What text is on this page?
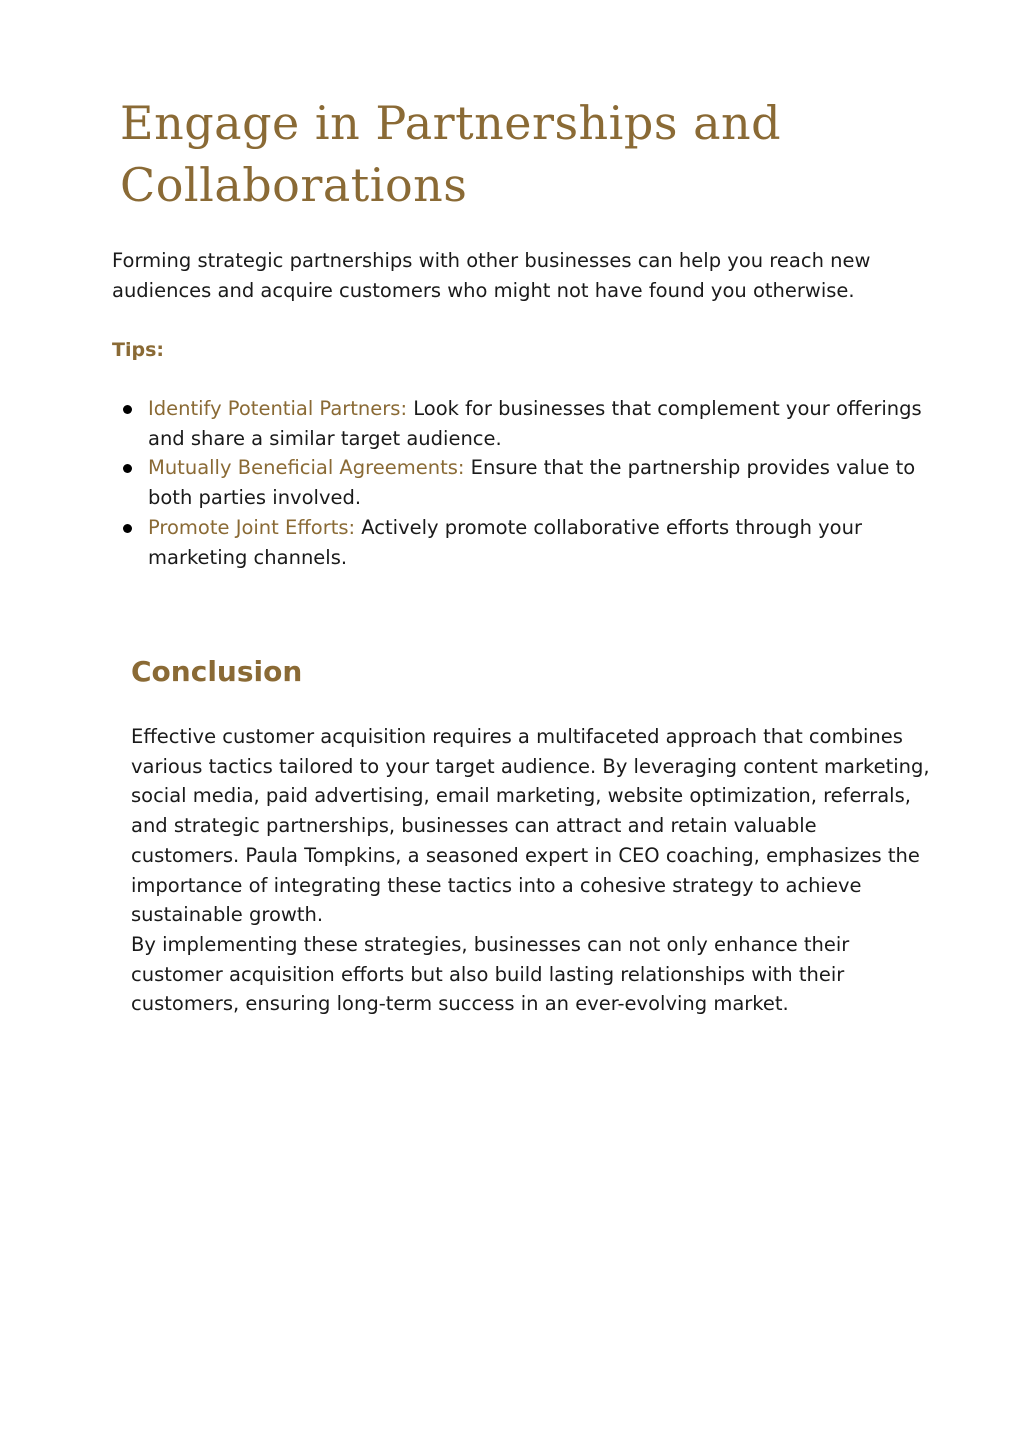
Engage in Partnerships and
Collaborations

Forming strategic partnerships with other businesses can help you reach new audiences and acquire customers who might not have found you otherwise.

Tips:

Identify Potential Partners: Look for businesses that complement your offerings and share a similar target audience.
Mutually Beneficial Agreements: Ensure that the partnership provides value to both parties involved.
Promote Joint Efforts: Actively promote collaborative efforts through your marketing channels.
Conclusion

Effective customer acquisition requires a multifaceted approach that combines various tactics tailored to your target audience. By leveraging content marketing, social media, paid advertising, email marketing, website optimization, referrals, and strategic partnerships, businesses can attract and retain valuable customers. Paula Tompkins, a seasoned expert in CEO coaching, emphasizes the importance of integrating these tactics into a cohesive strategy to achieve sustainable growth.

By implementing these strategies, businesses can not only enhance their customer acquisition efforts but also build lasting relationships with their customers, ensuring long-term success in an ever-evolving market.
